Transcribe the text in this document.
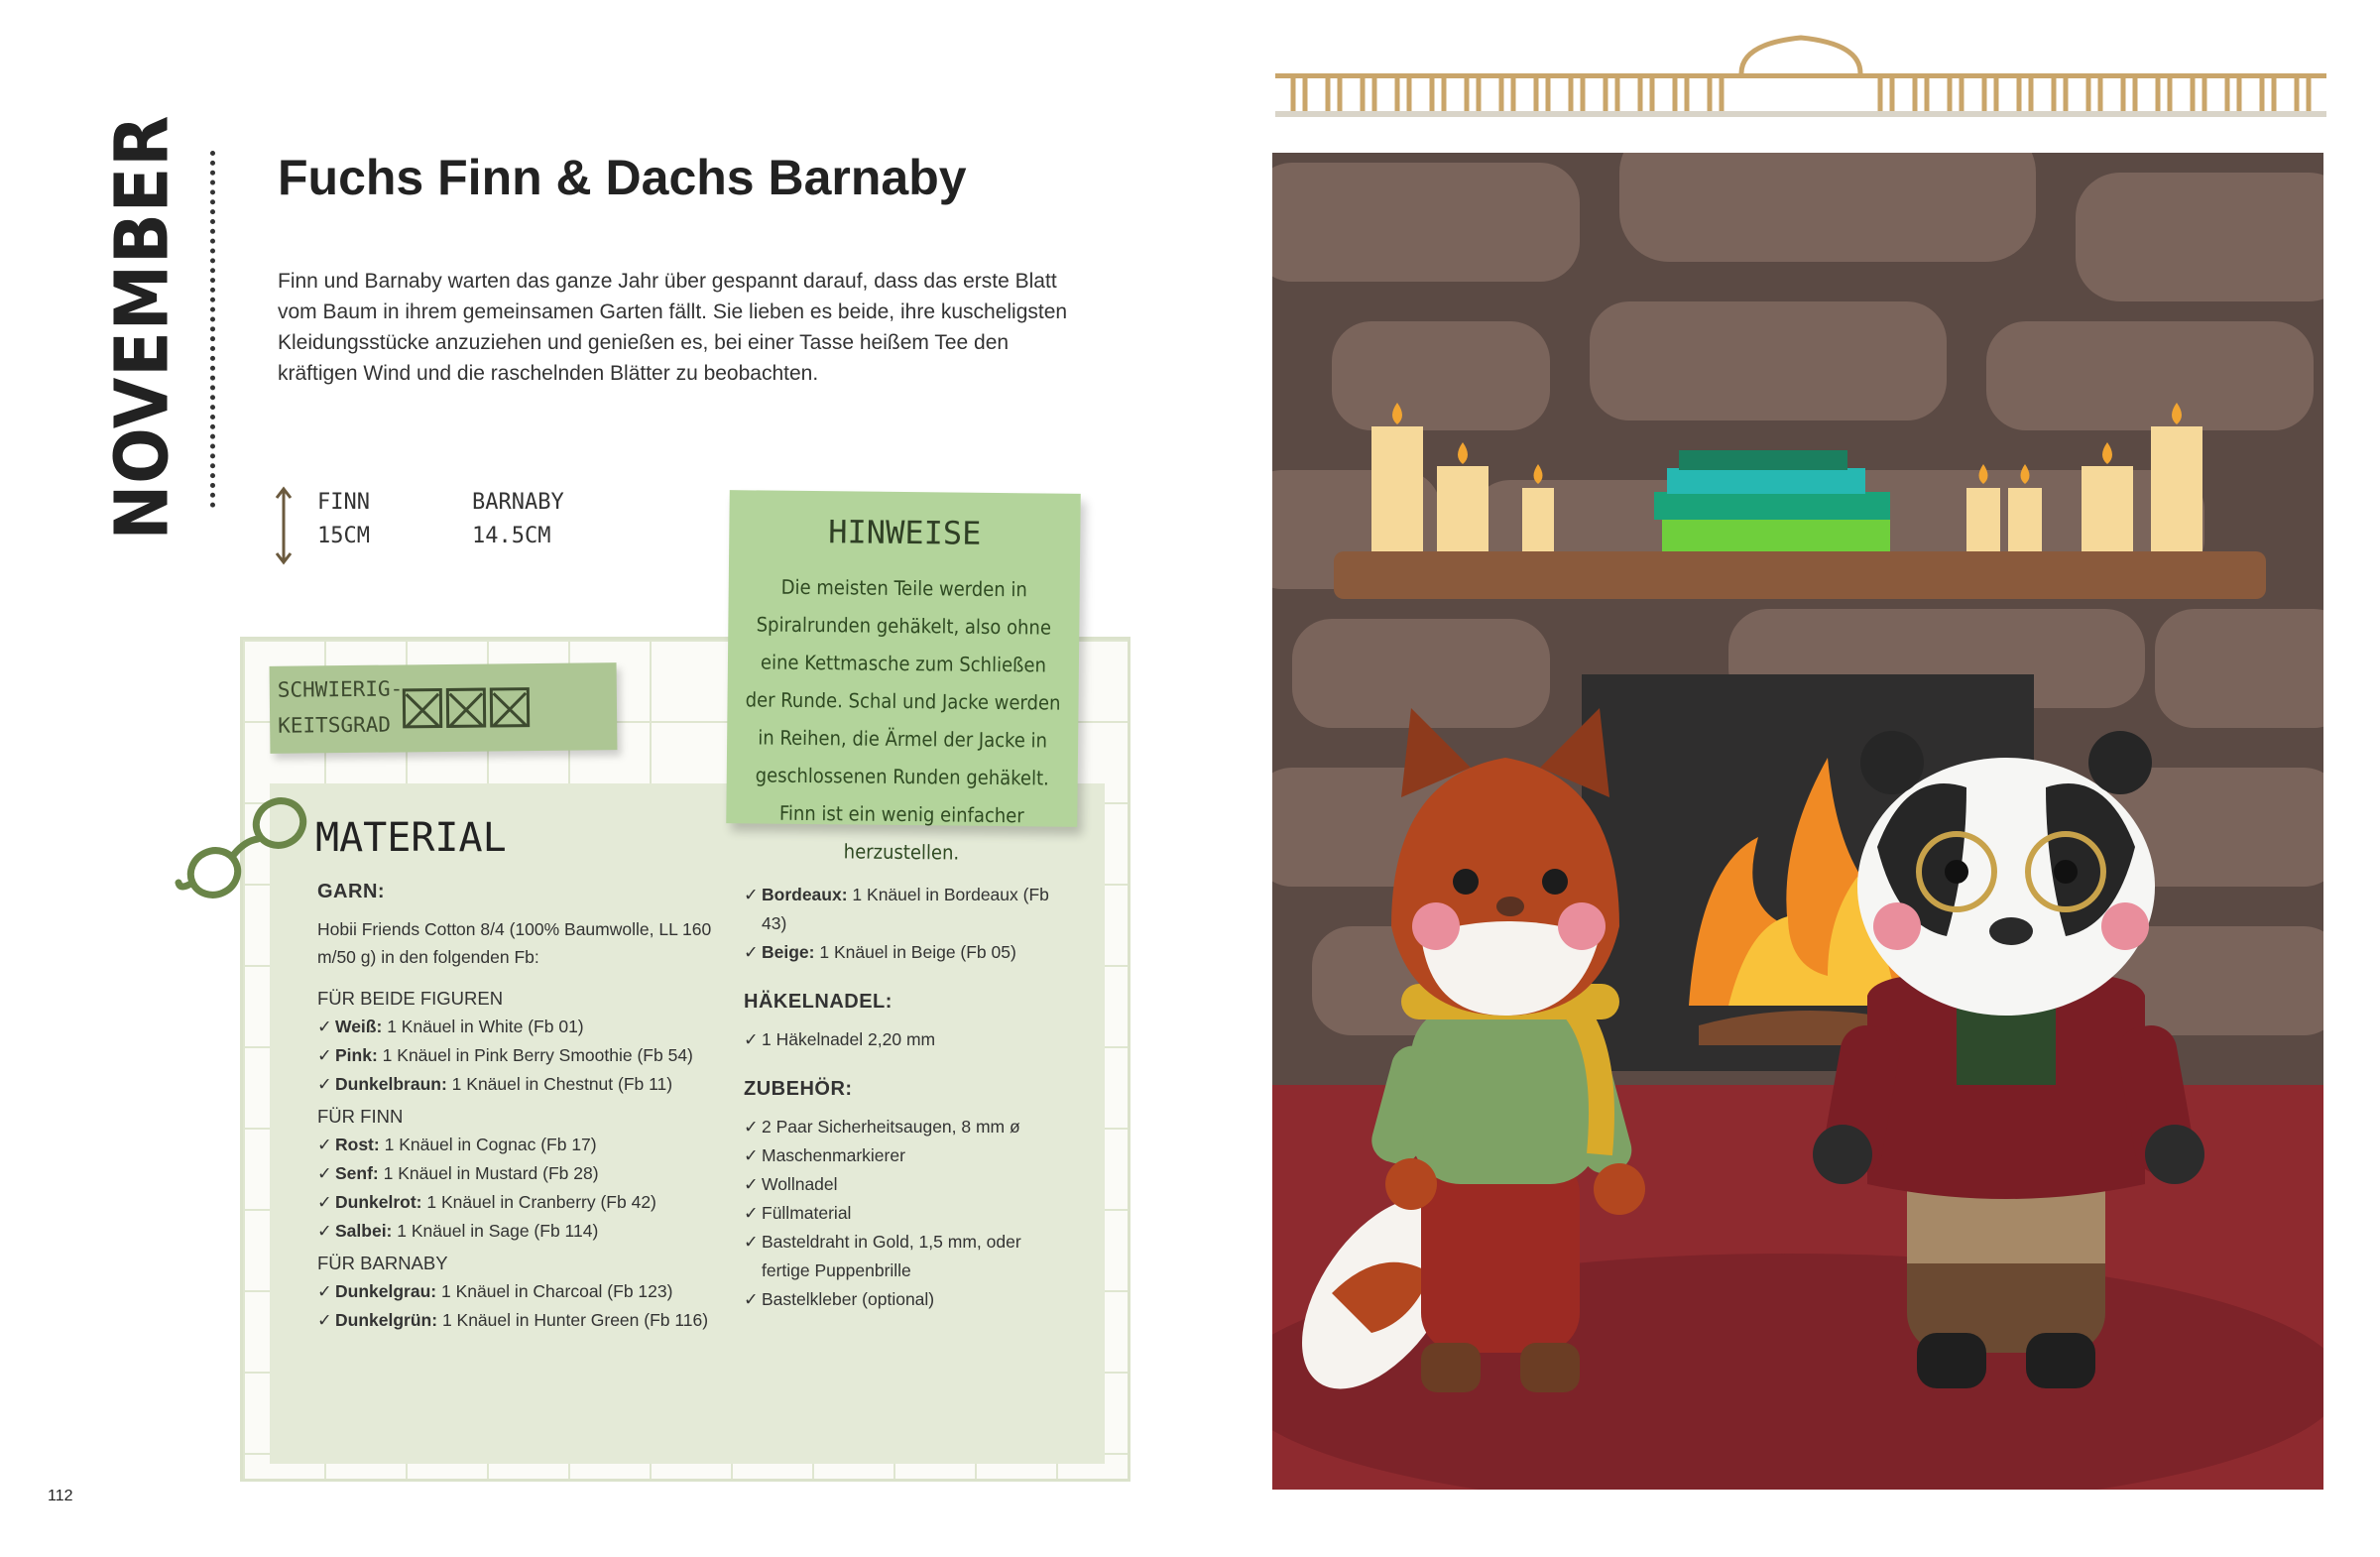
NOVEMBER Fuchs Finn & Dachs Barnaby

Finn und Barnaby warten das ganze Jahr über gespannt darauf, dass das erste Blatt vom Baum in ihrem gemeinsamen Garten fällt. Sie lieben es beide, ihre kuscheligsten Kleidungsstücke anzuziehen und genießen es, bei einer Tasse heißem Tee den kräftigen Wind und die raschelnden Blätter zu beobachten.

FINN
15CM
BARNABY
14.5CM
SCHWIERIG-
KEITSGRAD
HINWEISE
Die meisten Teile werden in Spiralrunden gehäkelt, also ohne eine Kettmasche zum Schließen der Runde. Schal und Jacke werden in Reihen, die Ärmel der Jacke in geschlossenen Runden gehäkelt. Finn ist ein wenig einfacher herzustellen.
MATERIAL
GARN:
Hobii Friends Cotton 8/4 (100% Baumwolle, LL 160 m/50 g) in den folgenden Fb:
FÜR BEIDE FIGUREN
✓ Weiß: 1 Knäuel in White (Fb 01)
✓ Pink: 1 Knäuel in Pink Berry Smoothie (Fb 54)
✓ Dunkelbraun: 1 Knäuel in Chestnut (Fb 11)
FÜR FINN
✓ Rost: 1 Knäuel in Cognac (Fb 17)
✓ Senf: 1 Knäuel in Mustard (Fb 28)
✓ Dunkelrot: 1 Knäuel in Cranberry (Fb 42)
✓ Salbei: 1 Knäuel in Sage (Fb 114)
FÜR BARNABY
✓ Dunkelgrau: 1 Knäuel in Charcoal (Fb 123)
✓ Dunkelgrün: 1 Knäuel in Hunter Green (Fb 116)
✓ Bordeaux: 1 Knäuel in Bordeaux (Fb 43)
✓ Beige: 1 Knäuel in Beige (Fb 05)
HÄKELNADEL:
✓ 1 Häkelnadel 2,20 mm
ZUBEHÖR:
✓ 2 Paar Sicherheitsaugen, 8 mm ø
✓ Maschenmarkierer
✓ Wollnadel
✓ Füllmaterial
✓ Basteldraht in Gold, 1,5 mm, oder fertige Puppenbrille
✓ Bastelkleber (optional)
112
